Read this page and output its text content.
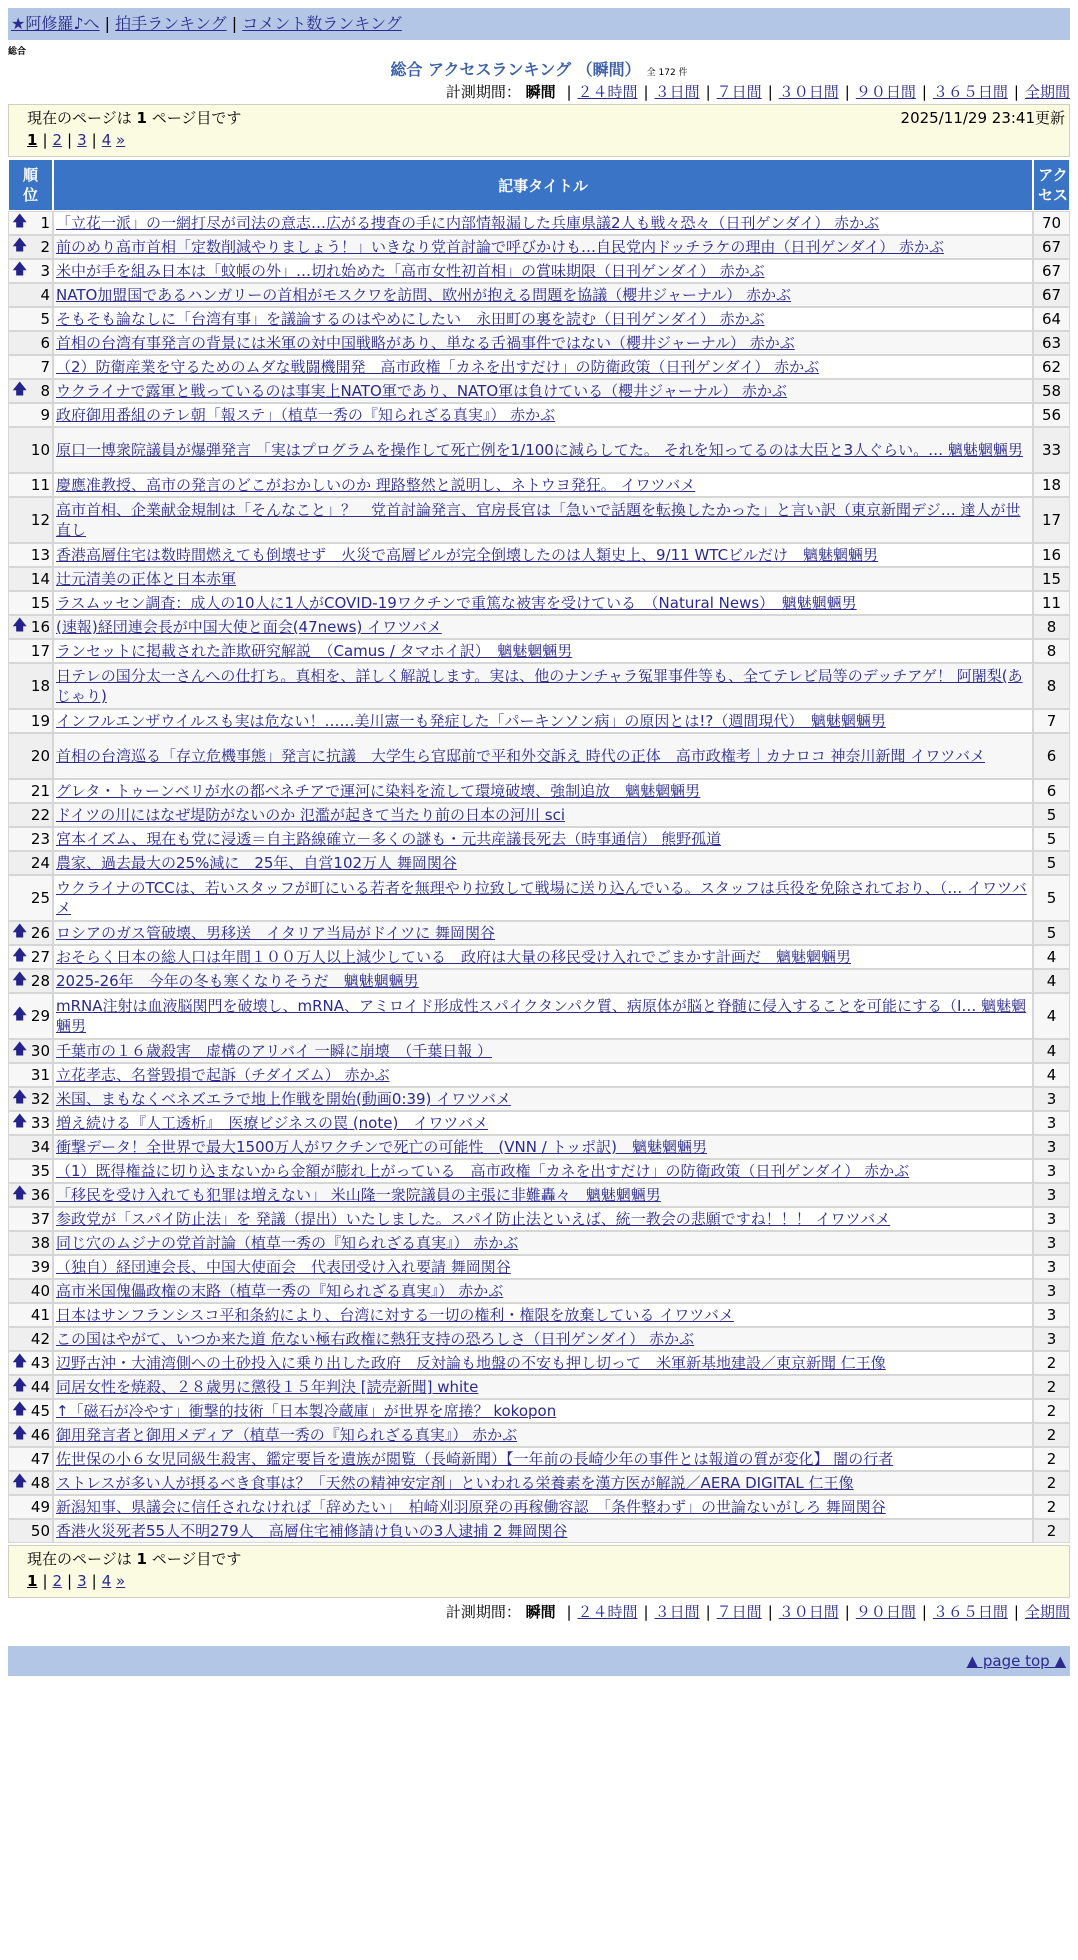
★阿修羅♪へ | 拍手ランキング | コメント数ランキング
総合
総合 アクセスランキング （瞬間） 全 172 件
計測期間： 瞬間 | ２４時間 | ３日間 | ７日間 | ３０日間 | ９０日間 | ３６５日間 | 全期間
現在のページは 1 ページ目です	2025/11/29 23:41更新
1 | 2 | 3 | 4 »
順位	記事タイトル	アクセス

🡅 1	「立花一派」の一網打尽が司法の意志…広がる捜査の手に内部情報漏した兵庫県議2人も戦々恐々（日刊ゲンダイ） 赤かぶ	70

🡅 2	前のめり高市首相「定数削減やりましょう！」いきなり党首討論で呼びかけも…自民党内ドッチラケの理由（日刊ゲンダイ） 赤かぶ	67

🡅 3	米中が手を組み日本は「蚊帳の外」…切れ始めた「高市女性初首相」の賞味期限（日刊ゲンダイ） 赤かぶ	67
4	NATO加盟国であるハンガリーの首相がモスクワを訪問、欧州が抱える問題を協議（櫻井ジャーナル） 赤かぶ	67
5	そもそも論なしに「台湾有事」を議論するのはやめにしたい　永田町の裏を読む（日刊ゲンダイ） 赤かぶ	64
6	首相の台湾有事発言の背景には米軍の対中国戦略があり、単なる舌禍事件ではない（櫻井ジャーナル） 赤かぶ	63
7	（2）防衛産業を守るためのムダな戦闘機開発　高市政権「カネを出すだけ」の防衛政策（日刊ゲンダイ） 赤かぶ	62

🡅 8	ウクライナで露軍と戦っているのは事実上NATO軍であり、NATO軍は負けている（櫻井ジャーナル） 赤かぶ	58
9	政府御用番組のテレ朝「報ステ」（植草一秀の『知られざる真実』） 赤かぶ	56
10	原口一博衆院議員が爆弾発言 「実はプログラムを操作して死亡例を1/100に減らしてた。 それを知ってるのは大臣と3人ぐらい。… 魑魅魍魎男	33
11	慶應准教授、高市の発言のどこがおかしいのか 理路整然と説明し、ネトウヨ発狂。 イワツバメ	18
12	高市首相、企業献金規制は「そんなこと」？　党首討論発言、官房長官は「急いで話題を転換したかった」と言い訳（東京新聞デジ… 達人が世直し	17
13	香港高層住宅は数時間燃えても倒壊せず　火災で高層ビルが完全倒壊したのは人類史上、9/11 WTCビルだけ　魑魅魍魎男	16
14	辻元清美の正体と日本赤軍	15
15	ラスムッセン調査：成人の10人に1人がCOVID-19ワクチンで重篤な被害を受けている　（Natural News）　魑魅魍魎男	11

🡅 16	(速報)経団連会長が中国大使と面会(47news) イワツバメ	8
17	ランセットに掲載された詐欺研究解説　（Camus / タマホイ訳）　魑魅魍魎男	8
18	日テレの国分太一さんへの仕打ち。真相を、詳しく解説します。実は、他のナンチャラ冤罪事件等も、全てテレビ局等のデッチアゲ！ 阿闍梨(あじゃり)	8
19	インフルエンザウイルスも実は危ない！……美川憲一も発症した「パーキンソン病」の原因とは!?（週間現代）　魑魅魍魎男	7
20	首相の台湾巡る「存立危機事態」発言に抗議　大学生ら官邸前で平和外交訴え 時代の正体　高市政権考｜カナロコ 神奈川新聞 イワツバメ	6
21	グレタ・トゥーンベリが水の都ベネチアで運河に染料を流して環境破壊、強制追放　魑魅魍魎男	6
22	ドイツの川にはなぜ堤防がないのか 氾濫が起きて当たり前の日本の河川 sci	5
23	宮本イズム、現在も党に浸透＝自主路線確立－多くの謎も・元共産議長死去（時事通信） 熊野孤道	5
24	農家、過去最大の25%減に　25年、自営102万人 舞岡関谷	5
25	ウクライナのTCCは、若いスタッフが町にいる若者を無理やり拉致して戦場に送り込んでいる。スタッフは兵役を免除されており、（… イワツバメ	5

🡅 26	ロシアのガス管破壊、男移送　イタリア当局がドイツに 舞岡関谷	5

🡅 27	おそらく日本の総人口は年間１００万人以上減少している　政府は大量の移民受け入れでごまかす計画だ　魑魅魍魎男	4

🡅 28	2025-26年　今年の冬も寒くなりそうだ　魑魅魍魎男	4

🡅 29	mRNA注射は血液脳関門を破壊し、mRNA、アミロイド形成性スパイクタンパク質、病原体が脳と脊髄に侵入することを可能にする（I… 魑魅魍魎男	4

🡅 30	千葉市の１６歳殺害　虚構のアリバイ 一瞬に崩壊　（千葉日報 ）	4
31	立花孝志、名誉毀損で起訴（チダイズム） 赤かぶ	4

🡅 32	米国、まもなくベネズエラで地上作戦を開始(動画0:39) イワツバメ	3

🡅 33	増え続ける『人工透析』　医療ビジネスの罠 (note)　イワツバメ	3
34	衝撃データ！全世界で最大1500万人がワクチンで死亡の可能性　(VNN / トッポ訳)　魑魅魍魎男	3
35	（1）既得権益に切り込まないから金額が膨れ上がっている　高市政権「カネを出すだけ」の防衛政策（日刊ゲンダイ） 赤かぶ	3

🡅 36	「移民を受け入れても犯罪は増えない」 米山隆一衆院議員の主張に非難轟々　魑魅魍魎男	3
37	参政党が「スパイ防止法」を 発議（提出）いたしました。スパイ防止法といえば、統一教会の悲願ですね！！！ イワツバメ	3
38	同じ穴のムジナの党首討論（植草一秀の『知られざる真実』） 赤かぶ	3
39	（独自）経団連会長、中国大使面会　代表団受け入れ要請 舞岡関谷	3
40	高市米国傀儡政権の末路（植草一秀の『知られざる真実』） 赤かぶ	3
41	日本はサンフランシスコ平和条約により、台湾に対する一切の権利・権限を放棄している イワツバメ	3
42	この国はやがて、いつか来た道 危ない極右政権に熱狂支持の恐ろしさ（日刊ゲンダイ） 赤かぶ	3

🡅 43	辺野古沖・大浦湾側への土砂投入に乗り出した政府　反対論も地盤の不安も押し切って　米軍新基地建設／東京新聞 仁王像	2

🡅 44	同居女性を焼殺、２８歳男に懲役１５年判決 [読売新聞] white	2

🡅 45	↑「磁石が冷やす」衝撃的技術「日本製冷蔵庫」が世界を席捲？ kokopon	2

🡅 46	御用発言者と御用メディア（植草一秀の『知られざる真実』） 赤かぶ	2
47	佐世保の小６女児同級生殺害、鑑定要旨を遺族が閲覧（長崎新聞）【一年前の長崎少年の事件とは報道の質が変化】 闇の行者	2

🡅 48	ストレスが多い人が摂るべき食事は？「天然の精神安定剤」といわれる栄養素を漢方医が解説／AERA DIGITAL 仁王像	2
49	新潟知事、県議会に信任されなければ「辞めたい」　柏崎刈羽原発の再稼働容認　「条件整わず」の世論ないがしろ 舞岡関谷	2
50	香港火災死者55人不明279人　高層住宅補修請け負いの3人逮捕 2 舞岡関谷	2
現在のページは 1 ページ目です
1 | 2 | 3 | 4 »
計測期間： 瞬間 | ２４時間 | ３日間 | ７日間 | ３０日間 | ９０日間 | ３６５日間 | 全期間
▲ page top ▲
